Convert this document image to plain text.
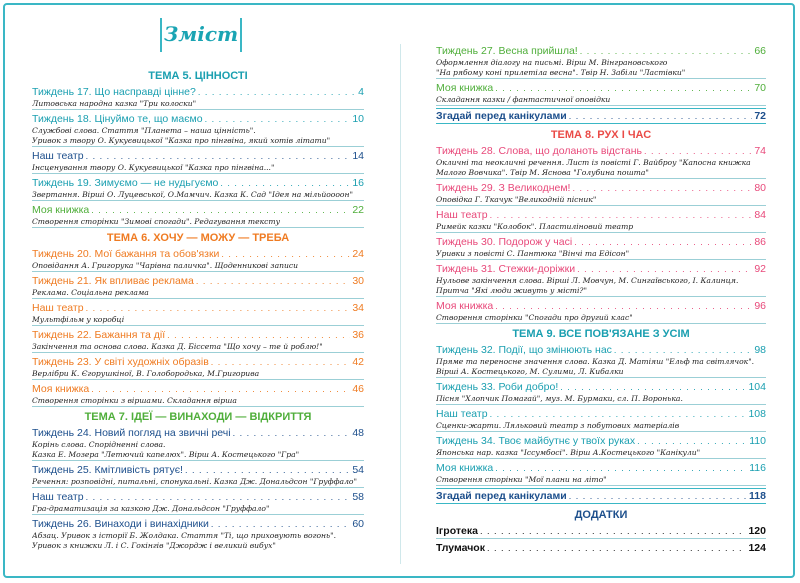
Зміст
ТЕМА 5. ЦІННОСТІ
Тиждень 17. Що насправді цінне? . . .	4
Литовська народна казка "Три колоски"
Тиждень 18. Цінуймо те, що маємо . . .	10
Службові слова. Стаття "Планета – наша цінність".
Уривок з твору О. Кукуєвицької "Казка про пінгвіна, який хотів літати"
Наш театр . . .	14
Інсценування твору О. Кукуєвицької "Казка про пінгвіна..."
Тиждень 19. Зимуємо — не нудьгуємо . . .	16
Звертання. Вірші О. Луцевської, О.Мамчич. Казка К. Сад "Ідея на мільйоооон"
Моя книжка . . .	22
Створення сторінки "Зимові спогади". Редагування тексту
ТЕМА 6. ХОЧУ — МОЖУ — ТРЕБА
Тиждень 20. Мої бажання та обов'язки . . .	24
Оповідання А. Григорука "Чарівна паличка". Щоденникові записи
Тиждень 21. Як впливає реклама . . .	30
Реклама. Соціальна реклама
Наш театр . . .	34
Мультфільм у коробці
Тиждень 22. Бажання та дії . . .	36
Закінчення та основа слова. Казка Д. Біссета "Що хочу – те й роблю!"
Тиждень 23. У світі художніх образів . . .	42
Верлібри К. Єгорушкіної, В. Голобородька, М.Григорива
Моя книжка . . .	46
Створення сторінки з віршами. Складання вірша
ТЕМА 7. ІДЕЇ — ВИНАХОДИ — ВІДКРИТТЯ
Тиждень 24. Новий погляд на звичні речі . . .	48
Корінь слова. Спорідненні слова.
Казка Е. Мозера "Летючий капелюх". Вірш А. Костецького "Гра"
Тиждень 25. Кмітливість рятує! . . .	54
Речення: розповідні, питальні, спонукальні. Казка Дж. Дональдсон "Груффало"
Наш театр . . .	58
Гра-драматизація за казкою Дж. Дональдсон "Груффало"
Тиждень 26. Винаходи і винахідники . . .	60
Абзац. Уривок з історії Б. Жолдака. Стаття "Ті, що приховують вогонь".
Уривок з книжки Л. і С. Гокінгів "Джордж і великий вибух"
Тиждень 27. Весна прийшла! . . .	66
Оформлення діалогу на письмі. Вірш М. Вінграновського
"На рябому коні прилетіла весна". Твір Н. Забіли "Ластівки"
Моя книжка . . .	70
Складання казки / фантастичної оповідки
Згадай перед канікулами . . .	72
ТЕМА 8. РУХ І ЧАС
Тиждень 28. Слова, що доланоть відстань . . .	74
Окличні та неокличні речення. Лист із повісті Г. Вайброу "Капосна книжка
Малого Вовчика". Твір М. Яснова "Голубина пошта"
Тиждень 29. З Великоднем! . . .	80
Оповідка Г. Ткачук "Великодній пісник"
Наш театр . . .	84
Римейк казки "Колобок". Пластиліновий театр
Тиждень 30. Подорож у часі . . .	86
Уривки з повісті С. Пантюка "Вінчі та Едісон"
Тиждень 31. Стежки-доріжки . . .	92
Нульове закінчення слова. Вірші Л. Мовчун, М. Сингаївського, І. Калинця.
Притча "Які люди живуть у місті?"
Моя книжка . . .	96
Створення сторінки "Спогади про другий клас"
ТЕМА 9. ВСЕ ПОВ'ЯЗАНЕ З УСІМ
Тиждень 32. Події, що змінюють нас . . .	98
Пряме та переносне значення слова. Казка Д. Матіяш "Ельф та світлячок".
Вірші А. Костецького, М. Сулими, Л. Кибалки
Тиждень 33. Роби добро! . . .	104
Пісня "Хлопчик Помагай", муз. М. Бурмаки, сл. П. Воронька.
Наш театр . . .	108
Сценки-жарти. Ляльковий театр з побутових матеріалів
Тиждень 34. Твоє майбутнє у твоїх руках . . .	110
Японська нар. казка "Іссумбосі". Вірш А.Костецького "Канікули"
Моя книжка . . .	116
Створення сторінки "Мої плани на літо"
Згадай перед канікулами . . .	118
ДОДАТКИ
Ігротека . . .	120
Тлумачок . . .	124
